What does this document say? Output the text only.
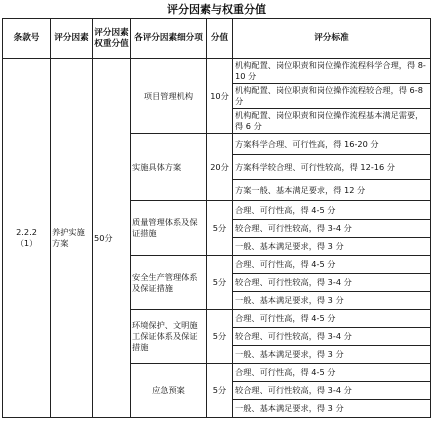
评分因素与权重分值
条款号	评分因素	评分因素权重分值	各评分因素细分项	分值	评分标准
2.2.2
（1）	养护实施方案	50分	项目管理机构	10分	机构配置、岗位职责和岗位操作流程科学合理，得 8-10 分
					机构配置、岗位职责和岗位操作流程较合理，得 6-8 分
					机构配置、岗位职责和岗位操作流程基本满足需要，得 6 分
			实施具体方案	20分	方案科学合理、可行性高，得 16-20 分
					方案科学较合理、可行性较高，得 12-16 分
					方案一般、基本满足要求，得 12 分
			质量管理体系及保证措施	5分	合理、可行性高，得 4-5 分
					较合理、可行性较高，得 3-4 分
					一般、基本满足要求，得 3 分
			安全生产管理体系及保证措施	5分	合理、可行性高，得 4-5 分
					较合理、可行性较高，得 3-4 分
					一般、基本满足要求，得 3 分
			环境保护、文明施工保证体系及保证措施	5分	合理、可行性高，得 4-5 分
					较合理、可行性较高，得 3-4 分
					一般、基本满足要求，得 3 分
			应急预案	5分	合理、可行性高，得 4-5 分
					较合理、可行性较高，得 3-4 分
					一般、基本满足要求，得 3 分
